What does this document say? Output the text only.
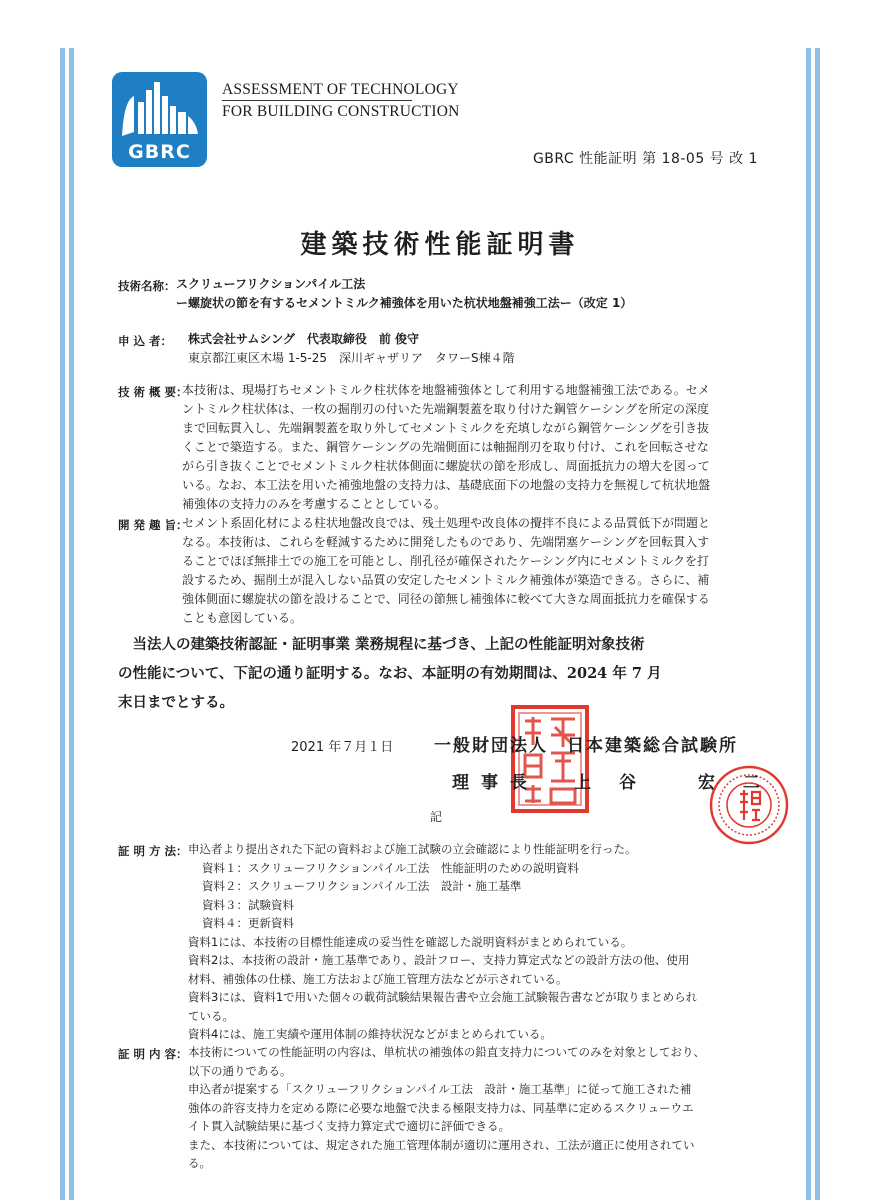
GBRC
ASSESSMENT OF TECHNOLOGY
FOR BUILDING CONSTRUCTION
GBRC 性能証明 第 18-05 号 改 1
建築技術性能証明書
技術名称： スクリューフリクションパイル工法

ー螺旋状の節を有するセメントミルク補強体を用いた杭状地盤補強工法ー（改定 1）

申 込 者： 株式会社サムシング　代表取締役　前 俊守

東京都江東区木場 1-5-25　深川ギャザリア　タワーS棟４階

技 術 概 要：

本技術は、現場打ちセメントミルク柱状体を地盤補強体として利用する地盤補強工法である。セメ

ントミルク柱状体は、一枚の掘削刃の付いた先端鋼製蓋を取り付けた鋼管ケーシングを所定の深度

まで回転貫入し、先端鋼製蓋を取り外してセメントミルクを充填しながら鋼管ケーシングを引き抜

くことで築造する。また、鋼管ケーシングの先端側面には軸掘削刃を取り付け、これを回転させな

がら引き抜くことでセメントミルク柱状体側面に螺旋状の節を形成し、周面抵抗力の増大を図って

いる。なお、本工法を用いた補強地盤の支持力は、基礎底面下の地盤の支持力を無視して杭状地盤

補強体の支持力のみを考慮することとしている。

開 発 趣 旨：

セメント系固化材による柱状地盤改良では、残土処理や改良体の攪拌不良による品質低下が問題と

なる。本技術は、これらを軽減するために開発したものであり、先端閉塞ケーシングを回転貫入す

ることでほぼ無排土での施工を可能とし、削孔径が確保されたケーシング内にセメントミルクを打

設するため、掘削土が混入しない品質の安定したセメントミルク補強体が築造できる。さらに、補

強体側面に螺旋状の節を設けることで、同径の節無し補強体に較べて大きな周面抵抗力を確保する

ことも意図している。

　当法人の建築技術認証・証明事業 業務規程に基づき、上記の性能証明対象技術

の性能について、下記の通り証明する。なお、本証明の有効期間は、2024 年 7 月

末日までとする。

2021 年７月１日 一般財団法人　日本建築総合試験所
理事長 上谷 宏二
記
証 明 方 法： 申込者より提出された下記の資料および施工試験の立会確認により性能証明を行った。

資料１：スクリューフリクションパイル工法　性能証明のための説明資料

資料２：スクリューフリクションパイル工法　設計・施工基準

資料３：試験資料

資料４：更新資料

資料1には、本技術の目標性能達成の妥当性を確認した説明資料がまとめられている。

資料2は、本技術の設計・施工基準であり、設計フロー、支持力算定式などの設計方法の他、使用

材料、補強体の仕様、施工方法および施工管理方法などが示されている。

資料3には、資料1で用いた個々の載荷試験結果報告書や立会施工試験報告書などが取りまとめられ

ている。

資料4には、施工実績や運用体制の維持状況などがまとめられている。

証 明 内 容： 本技術についての性能証明の内容は、単杭状の補強体の鉛直支持力についてのみを対象としており、

以下の通りである。

申込者が提案する「スクリューフリクションパイル工法　設計・施工基準」に従って施工された補

強体の許容支持力を定める際に必要な地盤で決まる極限支持力は、同基準に定めるスクリューウエ

イト貫入試験結果に基づく支持力算定式で適切に評価できる。

また、本技術については、規定された施工管理体制が適切に運用され、工法が適正に使用されてい

る。
